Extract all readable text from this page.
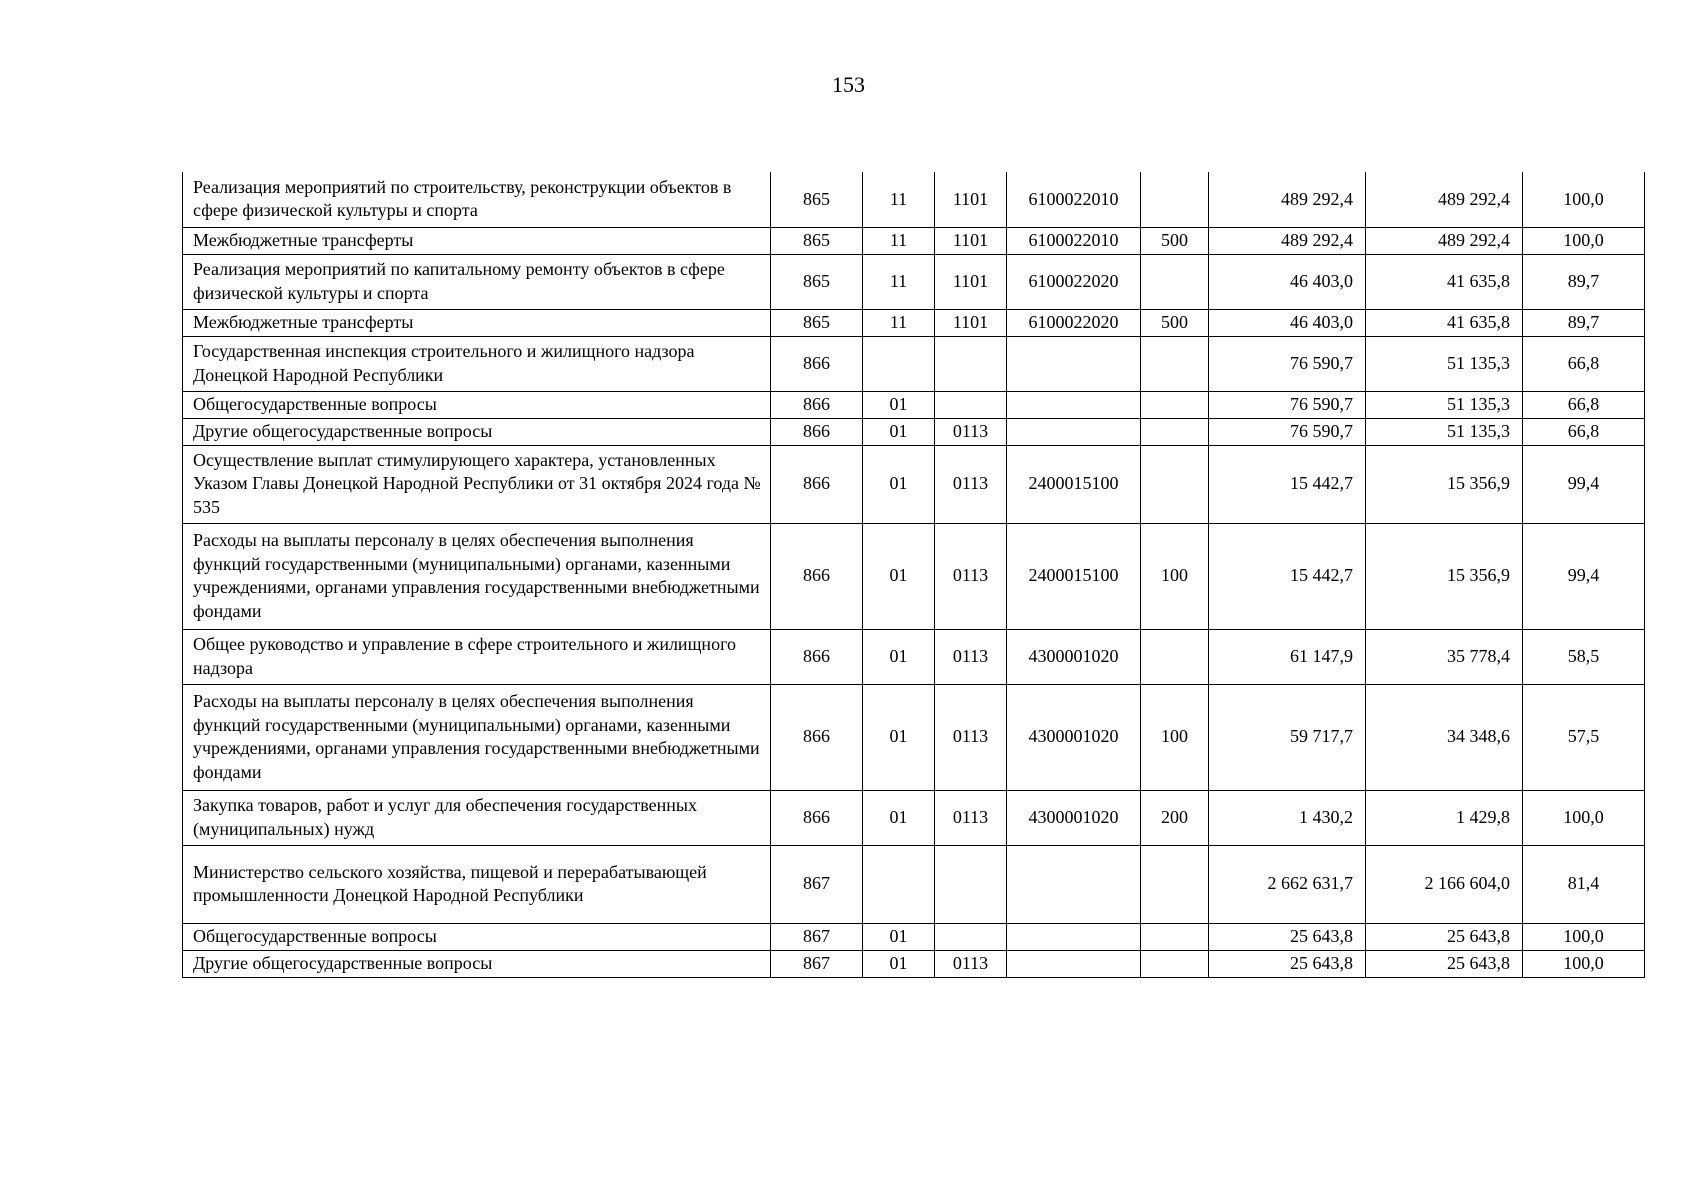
153
Реализация мероприятий по строительству, реконструкции объектов в сфере физической культуры и спорта	865	11	1101	6100022010		489 292,4	489 292,4	100,0
Межбюджетные трансферты	865	11	1101	6100022010	500	489 292,4	489 292,4	100,0
Реализация мероприятий по капитальному ремонту объектов в сфере физической культуры и спорта	865	11	1101	6100022020		46 403,0	41 635,8	89,7
Межбюджетные трансферты	865	11	1101	6100022020	500	46 403,0	41 635,8	89,7
Государственная инспекция строительного и жилищного надзора Донецкой Народной Республики	866					76 590,7	51 135,3	66,8
Общегосударственные вопросы	866	01				76 590,7	51 135,3	66,8
Другие общегосударственные вопросы	866	01	0113			76 590,7	51 135,3	66,8
Осуществление выплат стимулирующего характера, установленных Указом Главы Донецкой Народной Республики от 31 октября 2024 года № 535	866	01	0113	2400015100		15 442,7	15 356,9	99,4
Расходы на выплаты персоналу в целях обеспечения выполнения функций государственными (муниципальными) органами, казенными учреждениями, органами управления государственными внебюджетными фондами	866	01	0113	2400015100	100	15 442,7	15 356,9	99,4
Общее руководство и управление в сфере строительного и жилищного надзора	866	01	0113	4300001020		61 147,9	35 778,4	58,5
Расходы на выплаты персоналу в целях обеспечения выполнения функций государственными (муниципальными) органами, казенными учреждениями, органами управления государственными внебюджетными фондами	866	01	0113	4300001020	100	59 717,7	34 348,6	57,5
Закупка товаров, работ и услуг для обеспечения государственных (муниципальных) нужд	866	01	0113	4300001020	200	1 430,2	1 429,8	100,0
Министерство сельского хозяйства, пищевой и перерабатывающей промышленности Донецкой Народной Республики	867					2 662 631,7	2 166 604,0	81,4
Общегосударственные вопросы	867	01				25 643,8	25 643,8	100,0
Другие общегосударственные вопросы	867	01	0113			25 643,8	25 643,8	100,0
